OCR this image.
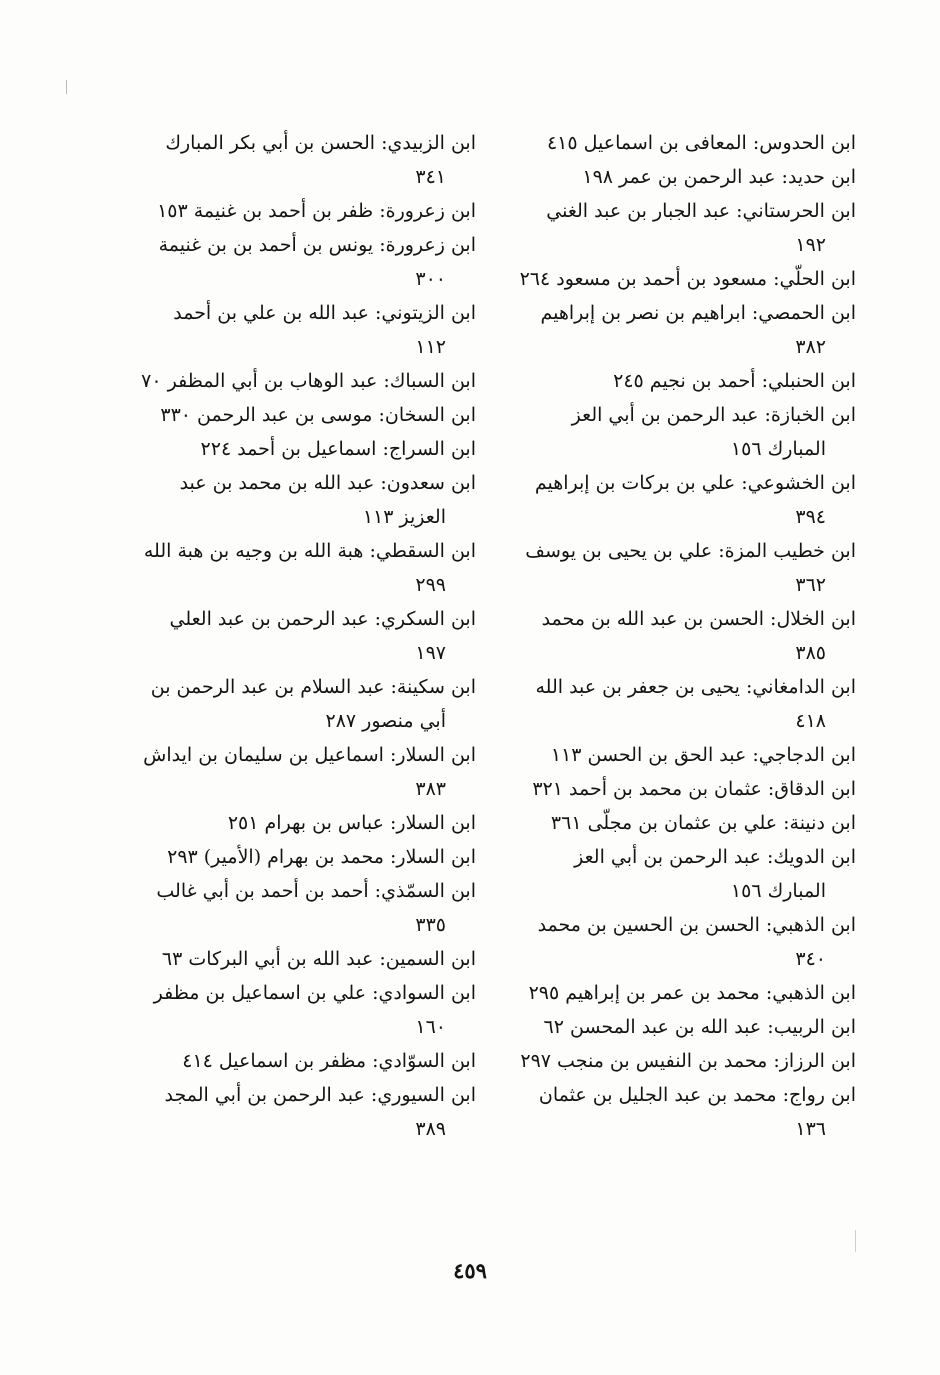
ابن الحدوس: المعافى بن اسماعيل ٤١٥

ابن حديد: عبد الرحمن بن عمر ١٩٨

ابن الحرستاني: عبد الجبار بن عبد الغني
١٩٢

ابن الحلّي: مسعود بن أحمد بن مسعود ٢٦٤

ابن الحمصي: ابراهيم بن نصر بن إبراهيم
٣٨٢

ابن الحنبلي: أحمد بن نجيم ٢٤٥

ابن الخبازة: عبد الرحمن بن أبي العز
المبارك ١٥٦

ابن الخشوعي: علي بن بركات بن إبراهيم
٣٩٤

ابن خطيب المزة: علي بن يحيى بن يوسف
٣٦٢

ابن الخلال: الحسن بن عبد الله بن محمد
٣٨٥

ابن الدامغاني: يحيى بن جعفر بن عبد الله
٤١٨

ابن الدجاجي: عبد الحق بن الحسن ١١٣

ابن الدقاق: عثمان بن محمد بن أحمد ٣٢١

ابن دنينة: علي بن عثمان بن مجلّى ٣٦١

ابن الدويك: عبد الرحمن بن أبي العز
المبارك ١٥٦

ابن الذهبي: الحسن بن الحسين بن محمد
٣٤٠

ابن الذهبي: محمد بن عمر بن إبراهيم ٢٩٥

ابن الربيب: عبد الله بن عبد المحسن ٦٢

ابن الرزاز: محمد بن النفيس بن منجب ٢٩٧

ابن رواج: محمد بن عبد الجليل بن عثمان
١٣٦

ابن الزبيدي: الحسن بن أبي بكر المبارك
٣٤١

ابن زعرورة: ظفر بن أحمد بن غنيمة ١٥٣

ابن زعرورة: يونس بن أحمد بن بن غنيمة
٣٠٠

ابن الزيتوني: عبد الله بن علي بن أحمد
١١٢

ابن السباك: عبد الوهاب بن أبي المظفر ٧٠

ابن السخان: موسى بن عبد الرحمن ٣٣٠

ابن السراج: اسماعيل بن أحمد ٢٢٤

ابن سعدون: عبد الله بن محمد بن عبد
العزيز ١١٣

ابن السقطي: هبة الله بن وجيه بن هبة الله
٢٩٩

ابن السكري: عبد الرحمن بن عبد العلي
١٩٧

ابن سكينة: عبد السلام بن عبد الرحمن بن
أبي منصور ٢٨٧

ابن السلار: اسماعيل بن سليمان بن ايداش
٣٨٣

ابن السلار: عباس بن بهرام ٢٥١

ابن السلار: محمد بن بهرام (الأمير) ٢٩٣

ابن السمّذي: أحمد بن أحمد بن أبي غالب
٣٣٥

ابن السمين: عبد الله بن أبي البركات ٦٣

ابن السوادي: علي بن اسماعيل بن مظفر
١٦٠

ابن السوّادي: مظفر بن اسماعيل ٤١٤

ابن السيوري: عبد الرحمن بن أبي المجد
٣٨٩

٤٥٩
